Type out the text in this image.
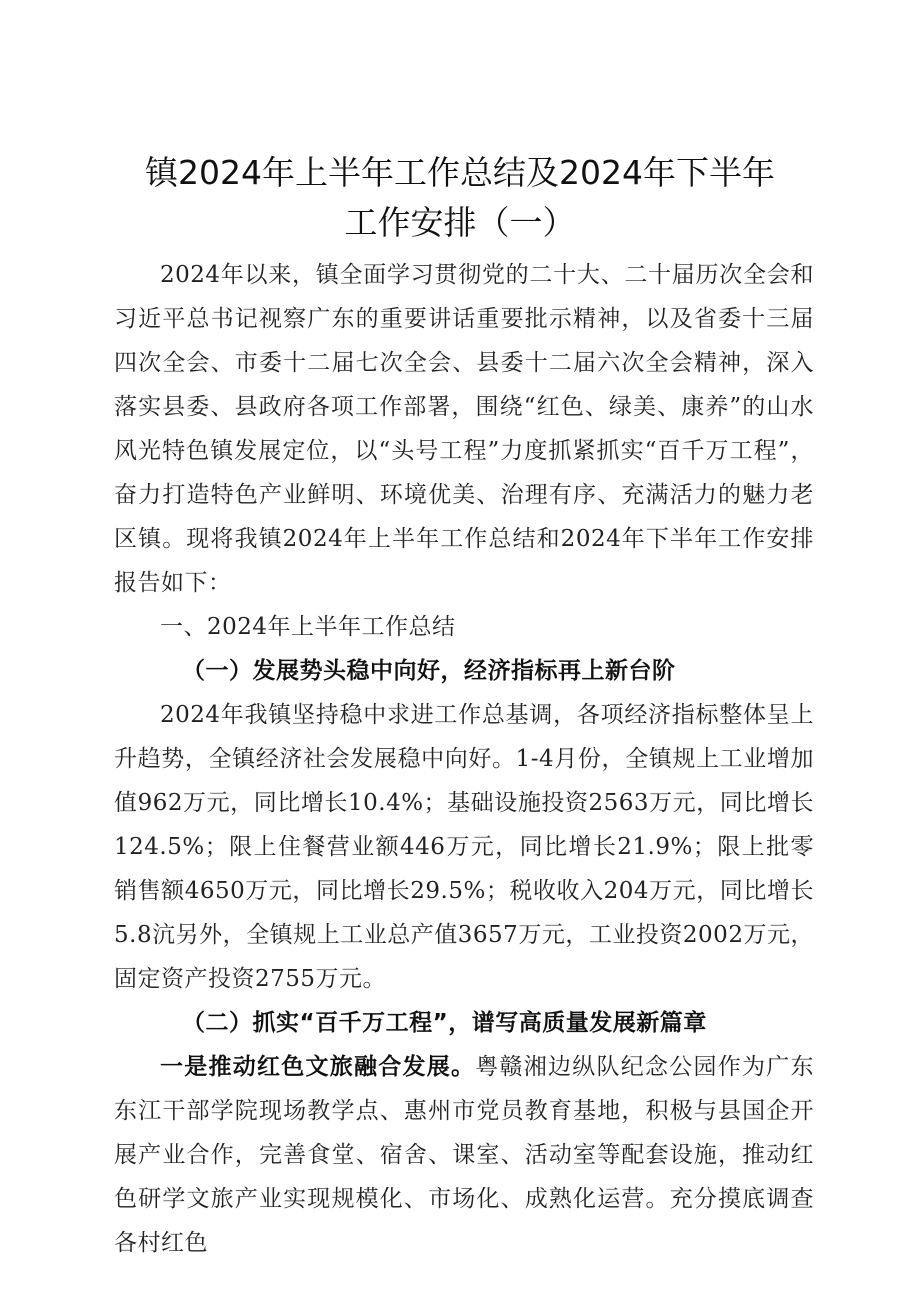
镇2024年上半年工作总结及2024年下半年
工作安排（一）

2024年以来，镇全面学习贯彻党的二十大、二十届历次全会和习近平总书记视察广东的重要讲话重要批示精神，以及省委十三届四次全会、市委十二届七次全会、县委十二届六次全会精神，深入落实县委、县政府各项工作部署，围绕“红色、绿美、康养”的山水风光特色镇发展定位，以“头号工程”力度抓紧抓实“百千万工程”，奋力打造特色产业鲜明、环境优美、治理有序、充满活力的魅力老区镇。现将我镇2024年上半年工作总结和2024年下半年工作安排报告如下：

一、2024年上半年工作总结

（一）发展势头稳中向好，经济指标再上新台阶

2024年我镇坚持稳中求进工作总基调，各项经济指标整体呈上升趋势，全镇经济社会发展稳中向好。1-4月份，全镇规上工业增加值962万元，同比增长10.4%；基础设施投资2563万元，同比增长124.5%；限上住餐营业额446万元，同比增长21.9%；限上批零销售额4650万元，同比增长29.5%；税收收入204万元，同比增长5.8沆另外，全镇规上工业总产值3657万元，工业投资2002万元，固定资产投资2755万元。

（二）抓实“百千万工程”，谱写高质量发展新篇章

一是推动红色文旅融合发展。粤赣湘边纵队纪念公园作为广东东江干部学院现场教学点、惠州市党员教育基地，积极与县国企开展产业合作，完善食堂、宿舍、课室、活动室等配套设施，推动红色研学文旅产业实现规模化、市场化、成熟化运营。充分摸底调查各村红色
